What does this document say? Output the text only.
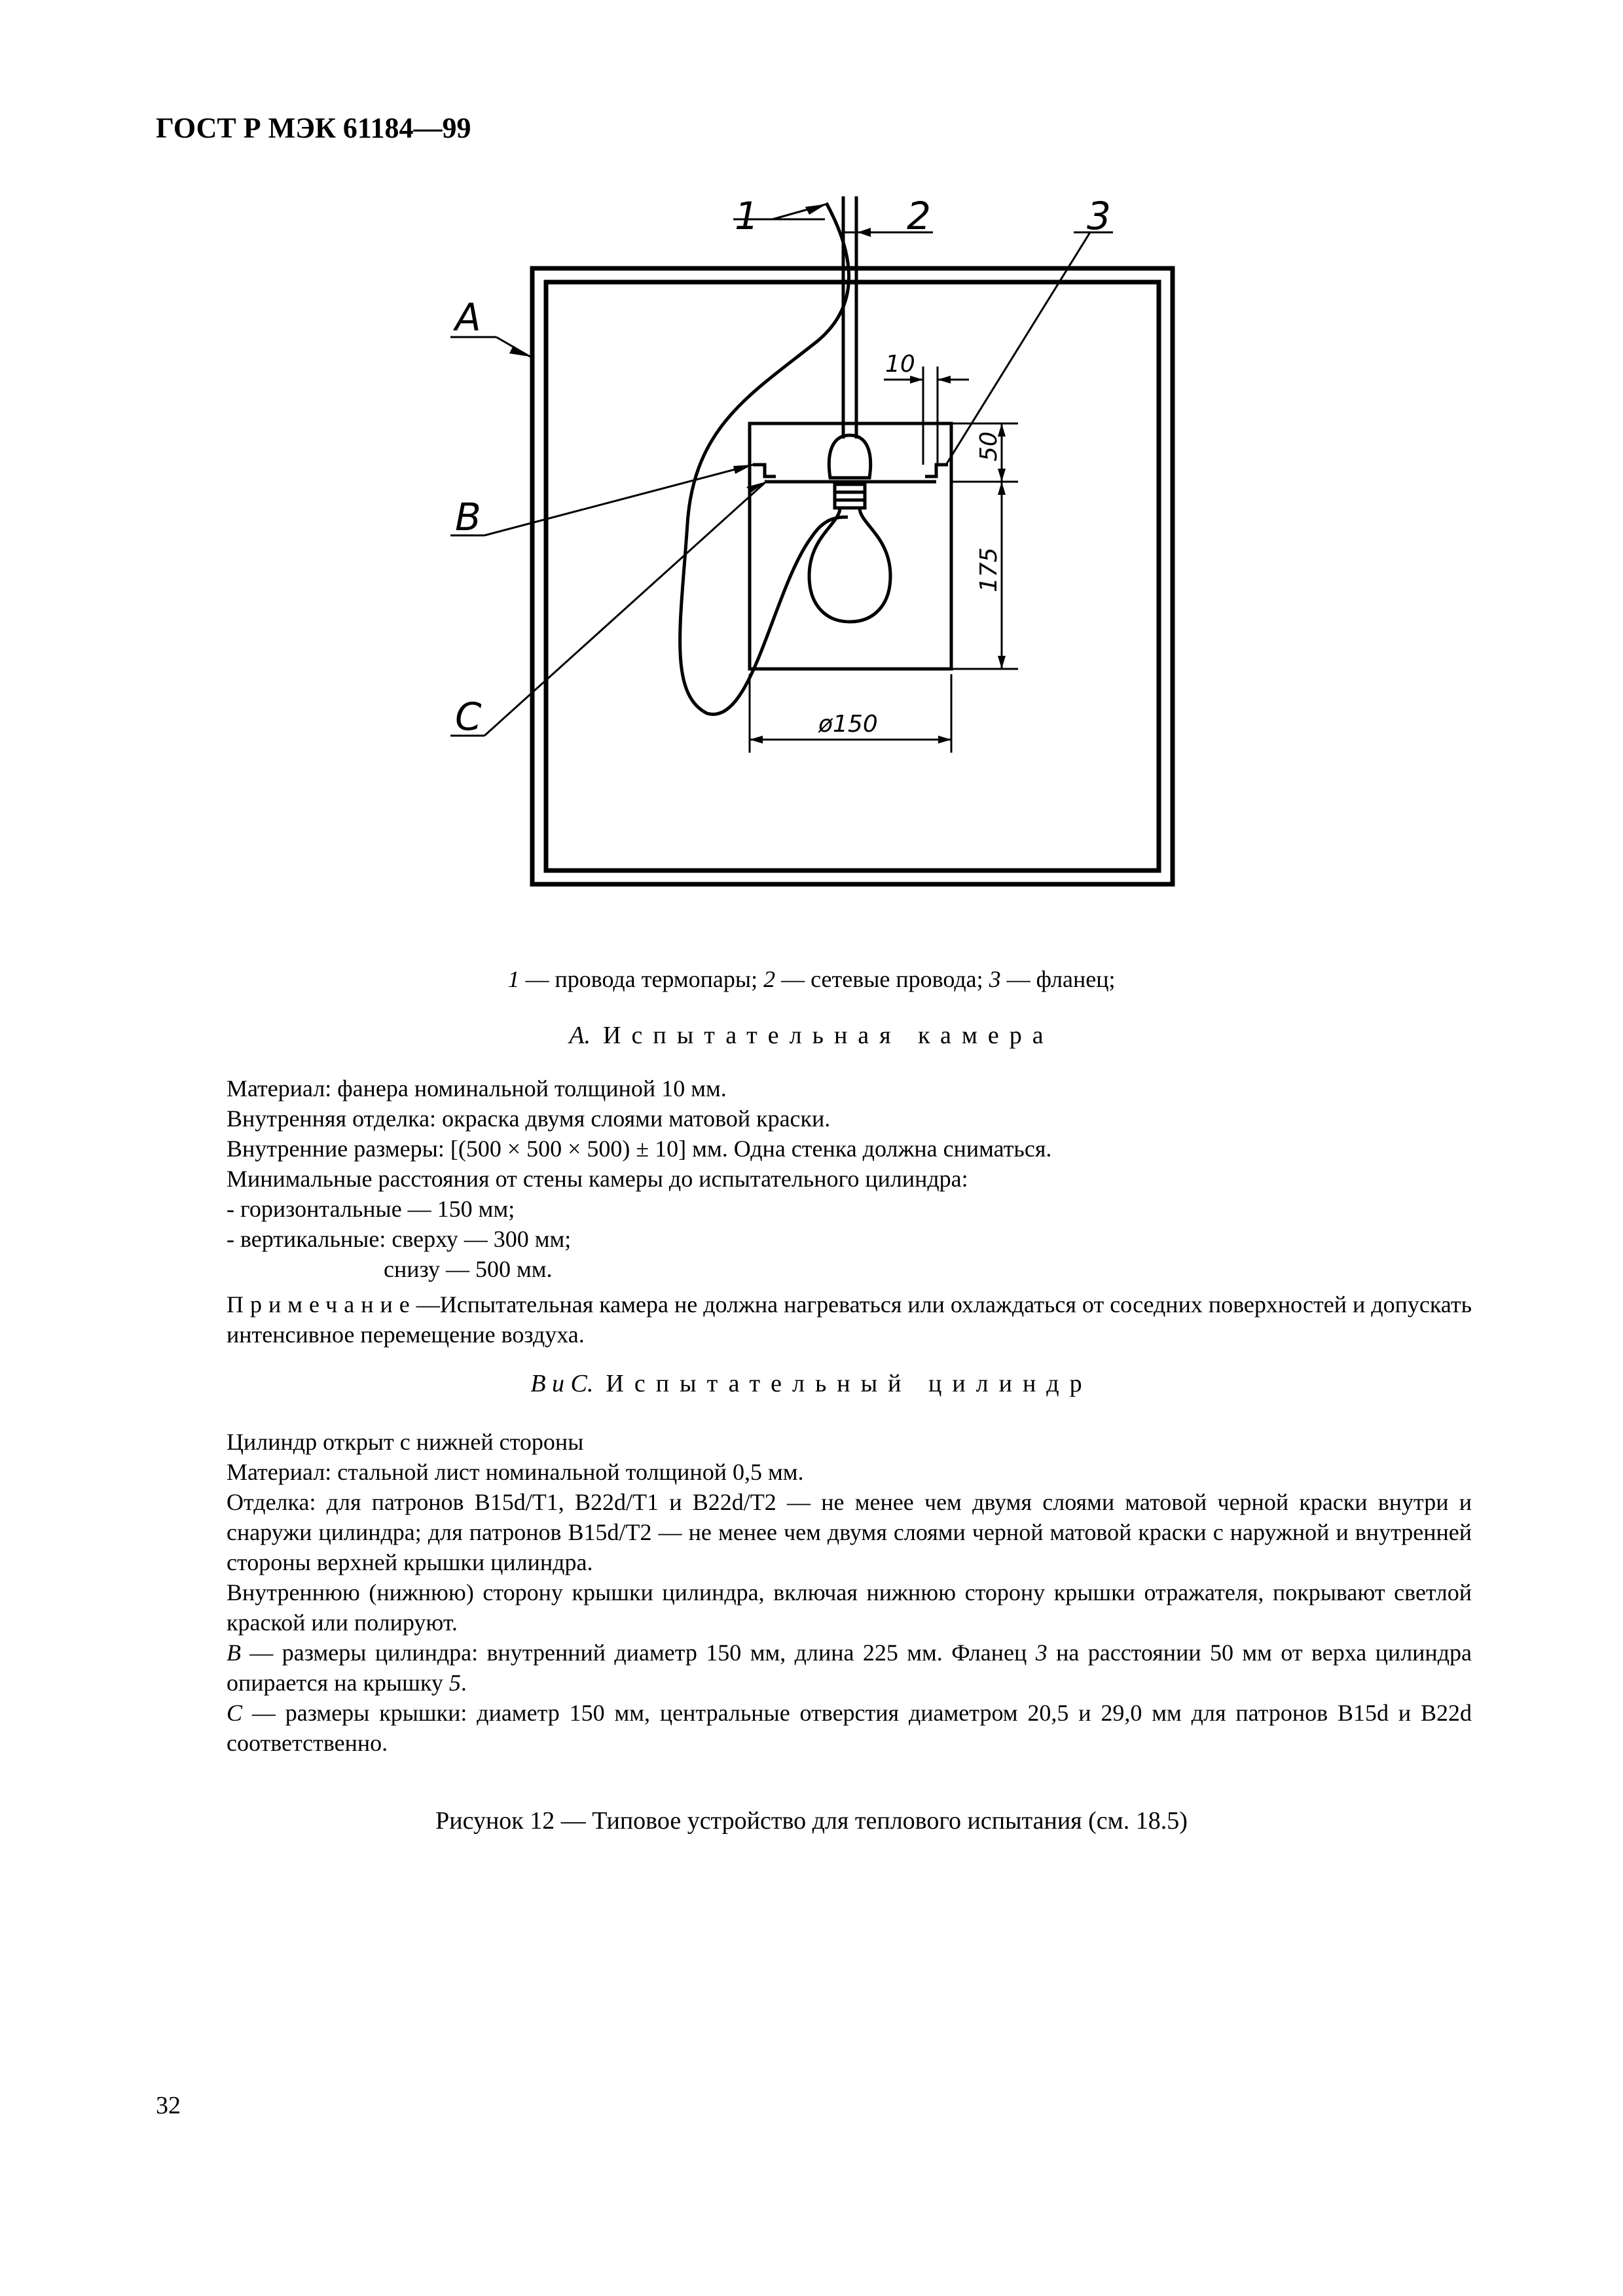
ГОСТ Р МЭК 61184—99
1	2	3
A
B
C
10
50
175
ø150
1 — провода термопары; 2 — сетевые провода; 3 — фланец;
А. Испытательная камера
Материал: фанера номинальной толщиной 10 мм.
Внутренняя отделка: окраска двумя слоями матовой краски.
Внутренние размеры: [(500 × 500 × 500) ± 10] мм. Одна стенка должна сниматься.
Минимальные расстояния от стены камеры до испытательного цилиндра:
- горизонтальные — 150 мм;
- вертикальные: сверху — 300 мм;
снизу — 500 мм.
Примечание—Испытательная камера не должна нагреваться или охлаждаться от соседних поверхностей и допускать интенсивное перемещение воздуха.
В и С. Испытательный цилиндр
Цилиндр открыт с нижней стороны
Материал: стальной лист номинальной толщиной 0,5 мм.
Отделка: для патронов B15d/T1, B22d/T1 и B22d/T2 — не менее чем двумя слоями матовой черной краски внутри и снаружи цилиндра; для патронов B15d/T2 — не менее чем двумя слоями черной матовой краски с наружной и внутренней стороны верхней крышки цилиндра.
Внутреннюю (нижнюю) сторону крышки цилиндра, включая нижнюю сторону крышки отражателя, покрывают светлой краской или полируют.
В — размеры цилиндра: внутренний диаметр 150 мм, длина 225 мм. Фланец 3 на расстоянии 50 мм от верха цилиндра опирается на крышку 5.
С — размеры крышки: диаметр 150 мм, центральные отверстия диаметром 20,5 и 29,0 мм для патронов B15d и B22d соответственно.
Рисунок 12 — Типовое устройство для теплового испытания (см. 18.5)
32
